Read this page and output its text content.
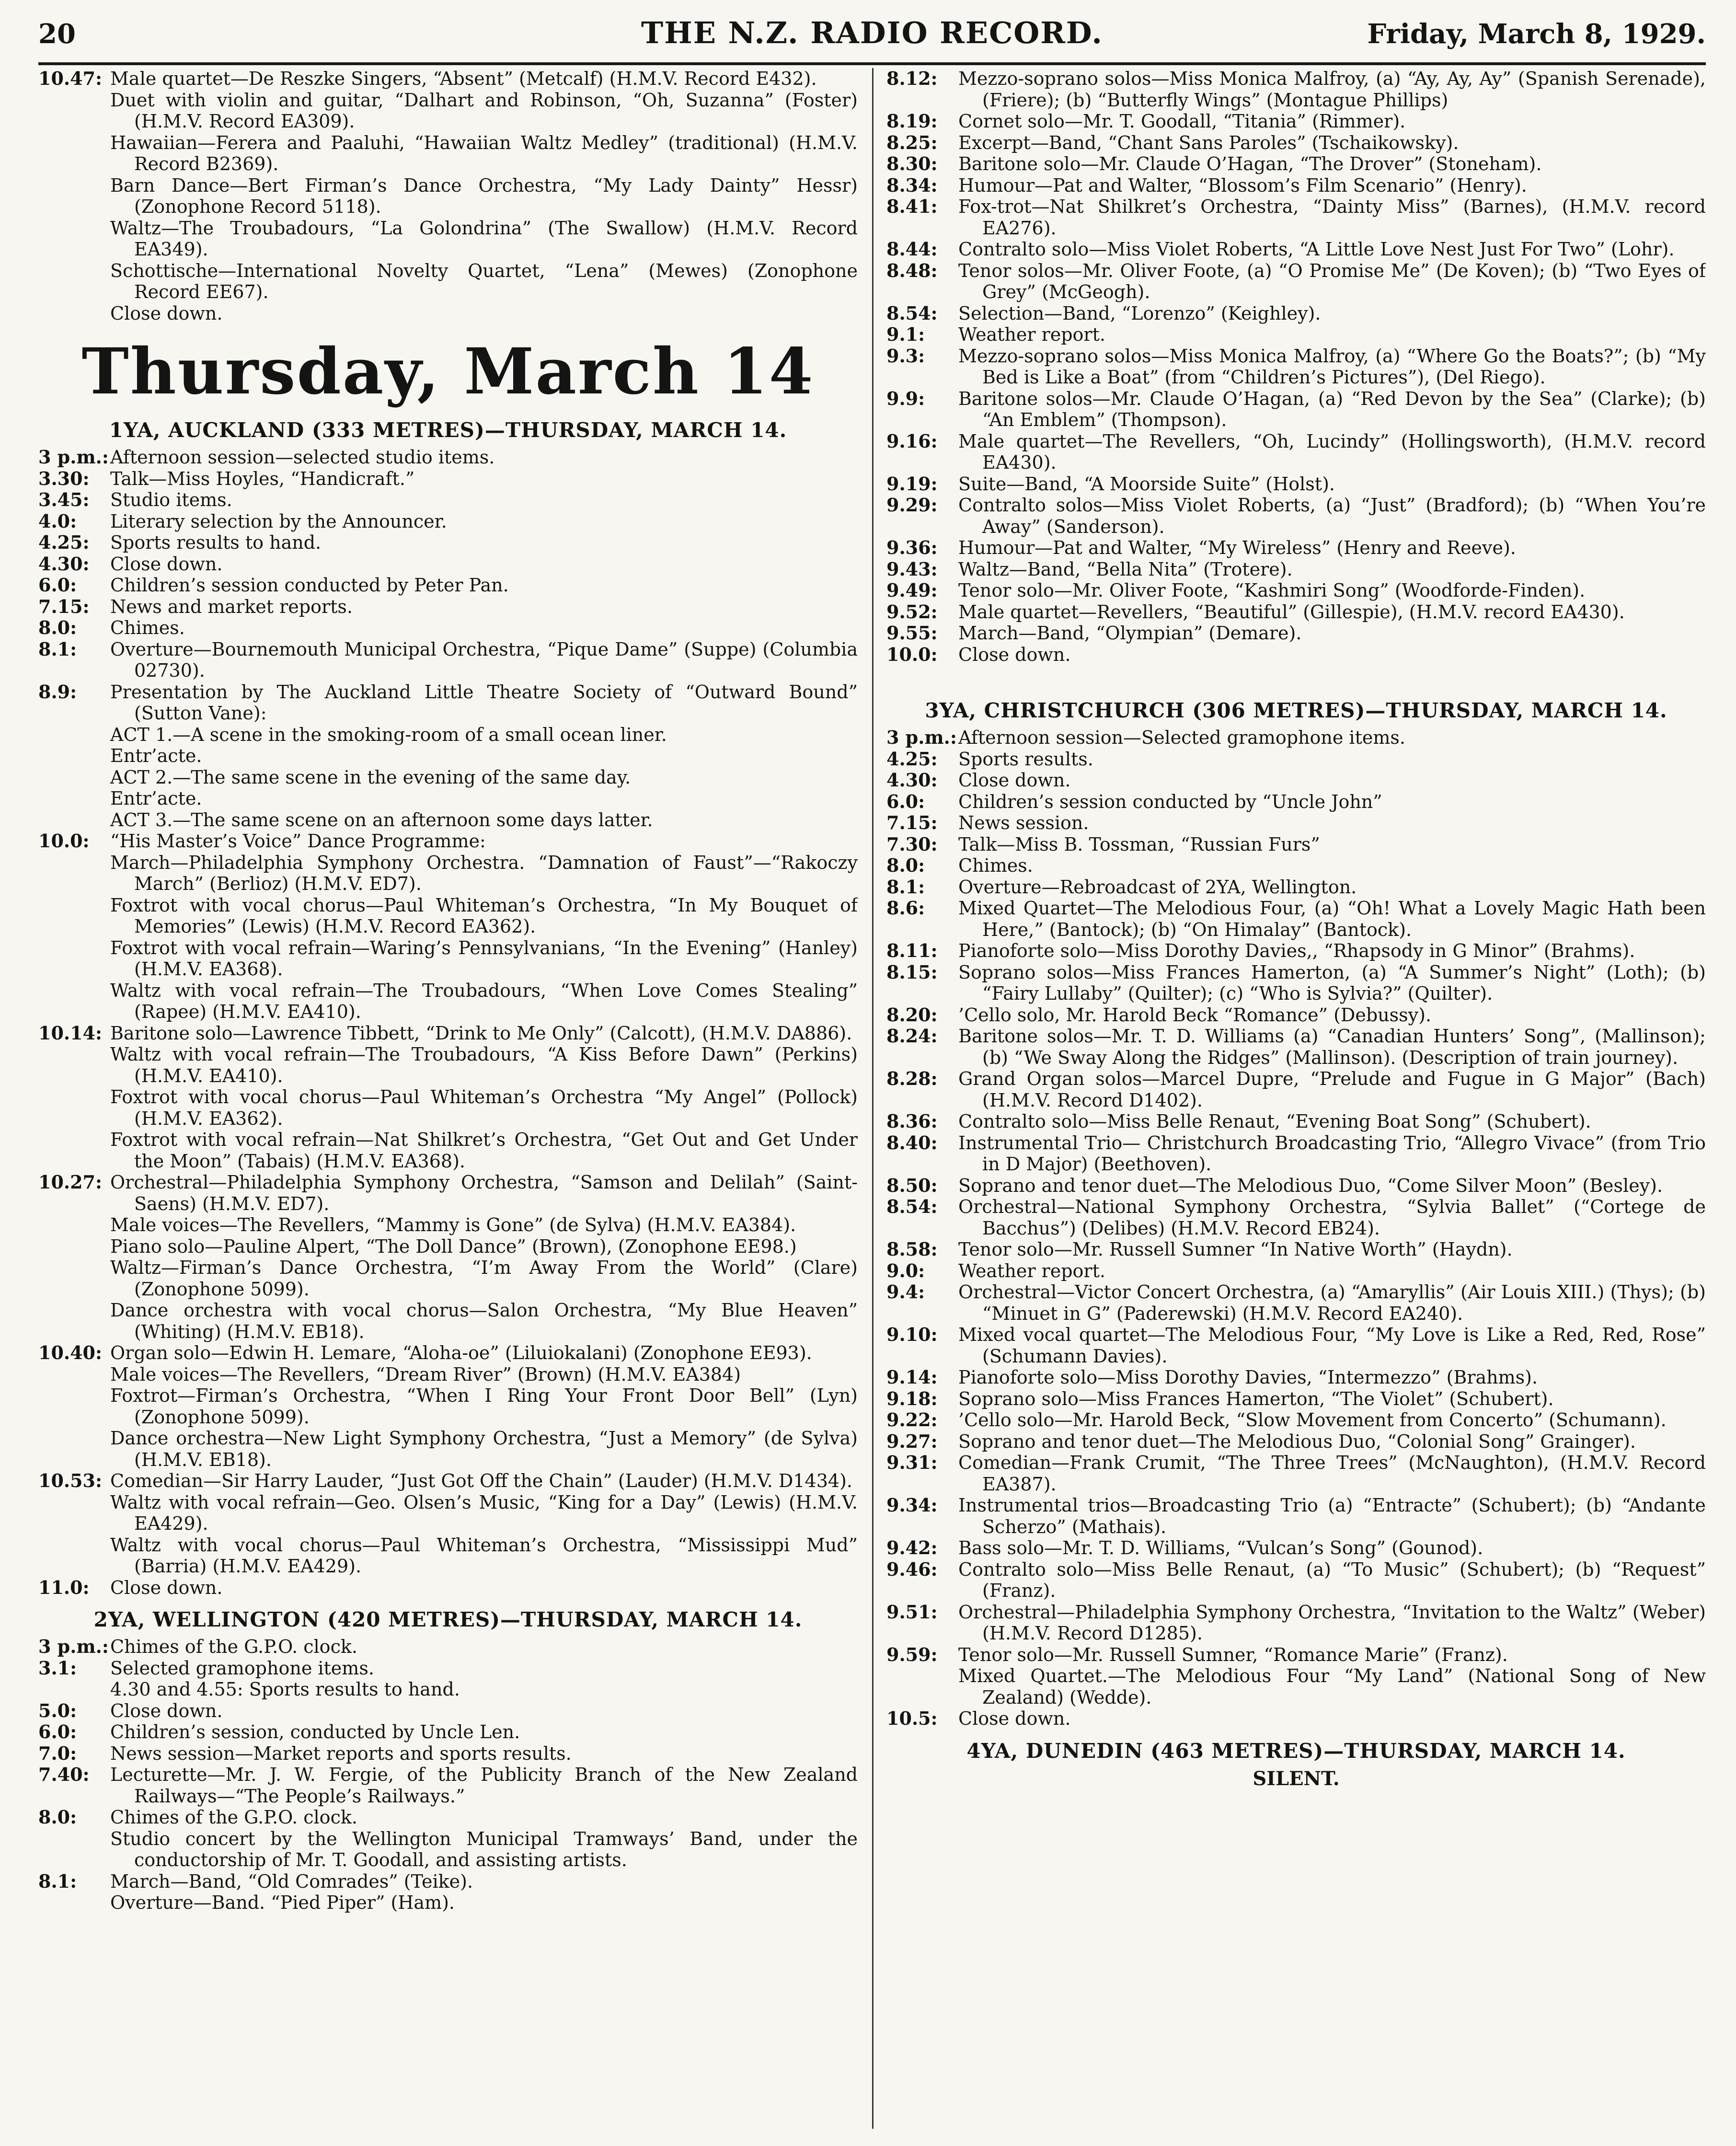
20	THE N.Z. RADIO RECORD.	Friday, March 8, 1929.
10.47: Male quartet—De Reszke Singers, “Absent” (Metcalf) (H.M.V. Record E432).
Duet with violin and guitar, “Dalhart and Robinson, “Oh, Suzanna” (Foster) (H.M.V. Record EA309).
Hawaiian—Ferera and Paaluhi, “Hawaiian Waltz Medley” (traditional) (H.M.V. Record B2369).
Barn Dance—Bert Firman’s Dance Orchestra, “My Lady Dainty” Hessr) (Zonophone Record 5118).
Waltz—The Troubadours, “La Golondrina” (The Swallow) (H.M.V. Record EA349).
Schottische—International Novelty Quartet, “Lena” (Mewes) (Zonophone Record EE67).
Close down.
Thursday, March 14
1YA, AUCKLAND (333 METRES)—THURSDAY, MARCH 14.
3 p.m.: Afternoon session—selected studio items.
3.30:	Talk—Miss Hoyles, “Handicraft.”
3.45:	Studio items.
4.0:	Literary selection by the Announcer.
4.25:	Sports results to hand.
4.30:	Close down.
6.0:	Children’s session conducted by Peter Pan.
7.15:	News and market reports.
8.0:	Chimes.
8.1:	Overture—Bournemouth Municipal Orchestra, “Pique Dame” (Suppe) (Columbia 02730).
8.9:	Presentation by The Auckland Little Theatre Society of “Outward Bound” (Sutton Vane):
ACT 1.—A scene in the smoking-room of a small ocean liner.
Entr’acte.
ACT 2.—The same scene in the evening of the same day.
Entr’acte.
ACT 3.—The same scene on an afternoon some days latter.
10.0:	“His Master’s Voice” Dance Programme:
March—Philadelphia Symphony Orchestra. “Damnation of Faust”—“Rakoczy March” (Berlioz) (H.M.V. ED7).
Foxtrot with vocal chorus—Paul Whiteman’s Orchestra, “In My Bouquet of Memories” (Lewis) (H.M.V. Record EA362).
Foxtrot with vocal refrain—Waring’s Pennsylvanians, “In the Evening” (Hanley) (H.M.V. EA368).
Waltz with vocal refrain—The Troubadours, “When Love Comes Stealing” (Rapee) (H.M.V. EA410).
10.14: Baritone solo—Lawrence Tibbett, “Drink to Me Only” (Calcott), (H.M.V. DA886).
Waltz with vocal refrain—The Troubadours, “A Kiss Before Dawn” (Perkins) (H.M.V. EA410).
Foxtrot with vocal chorus—Paul Whiteman’s Orchestra “My Angel” (Pollock) (H.M.V. EA362).
Foxtrot with vocal refrain—Nat Shilkret’s Orchestra, “Get Out and Get Under the Moon” (Tabais) (H.M.V. EA368).
10.27: Orchestral—Philadelphia Symphony Orchestra, “Samson and Delilah” (Saint-Saens) (H.M.V. ED7).
Male voices—The Revellers, “Mammy is Gone” (de Sylva) (H.M.V. EA384).
Piano solo—Pauline Alpert, “The Doll Dance” (Brown), (Zonophone EE98.)
Waltz—Firman’s Dance Orchestra, “I’m Away From the World” (Clare) (Zonophone 5099).
Dance orchestra with vocal chorus—Salon Orchestra, “My Blue Heaven” (Whiting) (H.M.V. EB18).
10.40: Organ solo—Edwin H. Lemare, “Aloha-oe” (Liluiokalani) (Zonophone EE93).
Male voices—The Revellers, “Dream River” (Brown) (H.M.V. EA384)
Foxtrot—Firman’s Orchestra, “When I Ring Your Front Door Bell” (Lyn) (Zonophone 5099).
Dance orchestra—New Light Symphony Orchestra, “Just a Memory” (de Sylva) (H.M.V. EB18).
10.53: Comedian—Sir Harry Lauder, “Just Got Off the Chain” (Lauder) (H.M.V. D1434).
Waltz with vocal refrain—Geo. Olsen’s Music, “King for a Day” (Lewis) (H.M.V. EA429).
Waltz with vocal chorus—Paul Whiteman’s Orchestra, “Mississippi Mud” (Barria) (H.M.V. EA429).
11.0:	Close down.
2YA, WELLINGTON (420 METRES)—THURSDAY, MARCH 14.
3 p.m.: Chimes of the G.P.O. clock.
3.1:	Selected gramophone items.
4.30 and 4.55: Sports results to hand.
5.0:	Close down.
6.0:	Children’s session, conducted by Uncle Len.
7.0:	News session—Market reports and sports results.
7.40:	Lecturette—Mr. J. W. Fergie, of the Publicity Branch of the New Zealand Railways—“The People’s Railways.”
8.0:	Chimes of the G.P.O. clock.
Studio concert by the Wellington Municipal Tramways’ Band, under the conductorship of Mr. T. Goodall, and assisting artists.
8.1:	March—Band, “Old Comrades” (Teike).
Overture—Band. “Pied Piper” (Ham).
8.12:	Mezzo-soprano solos—Miss Monica Malfroy, (a) “Ay, Ay, Ay” (Spanish Serenade), (Friere); (b) “Butterfly Wings” (Montague Phillips)
8.19:	Cornet solo—Mr. T. Goodall, “Titania” (Rimmer).
8.25:	Excerpt—Band, “Chant Sans Paroles” (Tschaikowsky).
8.30:	Baritone solo—Mr. Claude O’Hagan, “The Drover” (Stoneham).
8.34:	Humour—Pat and Walter, “Blossom’s Film Scenario” (Henry).
8.41:	Fox-trot—Nat Shilkret’s Orchestra, “Dainty Miss” (Barnes), (H.M.V. record EA276).
8.44:	Contralto solo—Miss Violet Roberts, “A Little Love Nest Just For Two” (Lohr).
8.48:	Tenor solos—Mr. Oliver Foote, (a) “O Promise Me” (De Koven); (b) “Two Eyes of Grey” (McGeogh).
8.54:	Selection—Band, “Lorenzo” (Keighley).
9.1:	Weather report.
9.3:	Mezzo-soprano solos—Miss Monica Malfroy, (a) “Where Go the Boats?”; (b) “My Bed is Like a Boat” (from “Children’s Pictures”), (Del Riego).
9.9:	Baritone solos—Mr. Claude O’Hagan, (a) “Red Devon by the Sea” (Clarke); (b) “An Emblem” (Thompson).
9.16:	Male quartet—The Revellers, “Oh, Lucindy” (Hollingsworth), (H.M.V. record EA430).
9.19:	Suite—Band, “A Moorside Suite” (Holst).
9.29:	Contralto solos—Miss Violet Roberts, (a) “Just” (Bradford); (b) “When You’re Away” (Sanderson).
9.36:	Humour—Pat and Walter, “My Wireless” (Henry and Reeve).
9.43:	Waltz—Band, “Bella Nita” (Trotere).
9.49:	Tenor solo—Mr. Oliver Foote, “Kashmiri Song” (Woodforde-Finden).
9.52:	Male quartet—Revellers, “Beautiful” (Gillespie), (H.M.V. record EA430).
9.55:	March—Band, “Olympian” (Demare).
10.0:	Close down.
3YA, CHRISTCHURCH (306 METRES)—THURSDAY, MARCH 14.
3 p.m.: Afternoon session—Selected gramophone items.
4.25:	Sports results.
4.30:	Close down.
6.0:	Children’s session conducted by “Uncle John”
7.15:	News session.
7.30:	Talk—Miss B. Tossman, “Russian Furs”
8.0:	Chimes.
8.1:	Overture—Rebroadcast of 2YA, Wellington.
8.6:	Mixed Quartet—The Melodious Four, (a) “Oh! What a Lovely Magic Hath been Here,” (Bantock); (b) “On Himalay” (Bantock).
8.11:	Pianoforte solo—Miss Dorothy Davies,, “Rhapsody in G Minor” (Brahms).
8.15:	Soprano solos—Miss Frances Hamerton, (a) “A Summer’s Night” (Loth); (b) “Fairy Lullaby” (Quilter); (c) “Who is Sylvia?” (Quilter).
8.20:	’Cello solo, Mr. Harold Beck “Romance” (Debussy).
8.24:	Baritone solos—Mr. T. D. Williams (a) “Canadian Hunters’ Song”, (Mallinson); (b) “We Sway Along the Ridges” (Mallinson). (Description of train journey).
8.28:	Grand Organ solos—Marcel Dupre, “Prelude and Fugue in G Major” (Bach) (H.M.V. Record D1402).
8.36:	Contralto solo—Miss Belle Renaut, “Evening Boat Song” (Schubert).
8.40:	Instrumental Trio— Christchurch Broadcasting Trio, “Allegro Vivace” (from Trio in D Major) (Beethoven).
8.50:	Soprano and tenor duet—The Melodious Duo, “Come Silver Moon” (Besley).
8.54:	Orchestral—National Symphony Orchestra, “Sylvia Ballet” (“Cortege de Bacchus”) (Delibes) (H.M.V. Record EB24).
8.58:	Tenor solo—Mr. Russell Sumner “In Native Worth” (Haydn).
9.0:	Weather report.
9.4:	Orchestral—Victor Concert Orchestra, (a) “Amaryllis” (Air Louis XIII.) (Thys); (b) “Minuet in G” (Paderewski) (H.M.V. Record EA240).
9.10:	Mixed vocal quartet—The Melodious Four, “My Love is Like a Red, Red, Rose” (Schumann Davies).
9.14:	Pianoforte solo—Miss Dorothy Davies, “Intermezzo” (Brahms).
9.18:	Soprano solo—Miss Frances Hamerton, “The Violet” (Schubert).
9.22:	’Cello solo—Mr. Harold Beck, “Slow Movement from Concerto” (Schumann).
9.27:	Soprano and tenor duet—The Melodious Duo, “Colonial Song” Grainger).
9.31:	Comedian—Frank Crumit, “The Three Trees” (McNaughton), (H.M.V. Record EA387).
9.34:	Instrumental trios—Broadcasting Trio (a) “Entracte” (Schubert); (b) “Andante Scherzo” (Mathais).
9.42:	Bass solo—Mr. T. D. Williams, “Vulcan’s Song” (Gounod).
9.46:	Contralto solo—Miss Belle Renaut, (a) “To Music” (Schubert); (b) “Request” (Franz).
9.51:	Orchestral—Philadelphia Symphony Orchestra, “Invitation to the Waltz” (Weber) (H.M.V. Record D1285).
9.59:	Tenor solo—Mr. Russell Sumner, “Romance Marie” (Franz).
Mixed Quartet.—The Melodious Four “My Land” (National Song of New Zealand) (Wedde).
10.5:	Close down.
4YA, DUNEDIN (463 METRES)—THURSDAY, MARCH 14.
SILENT.
